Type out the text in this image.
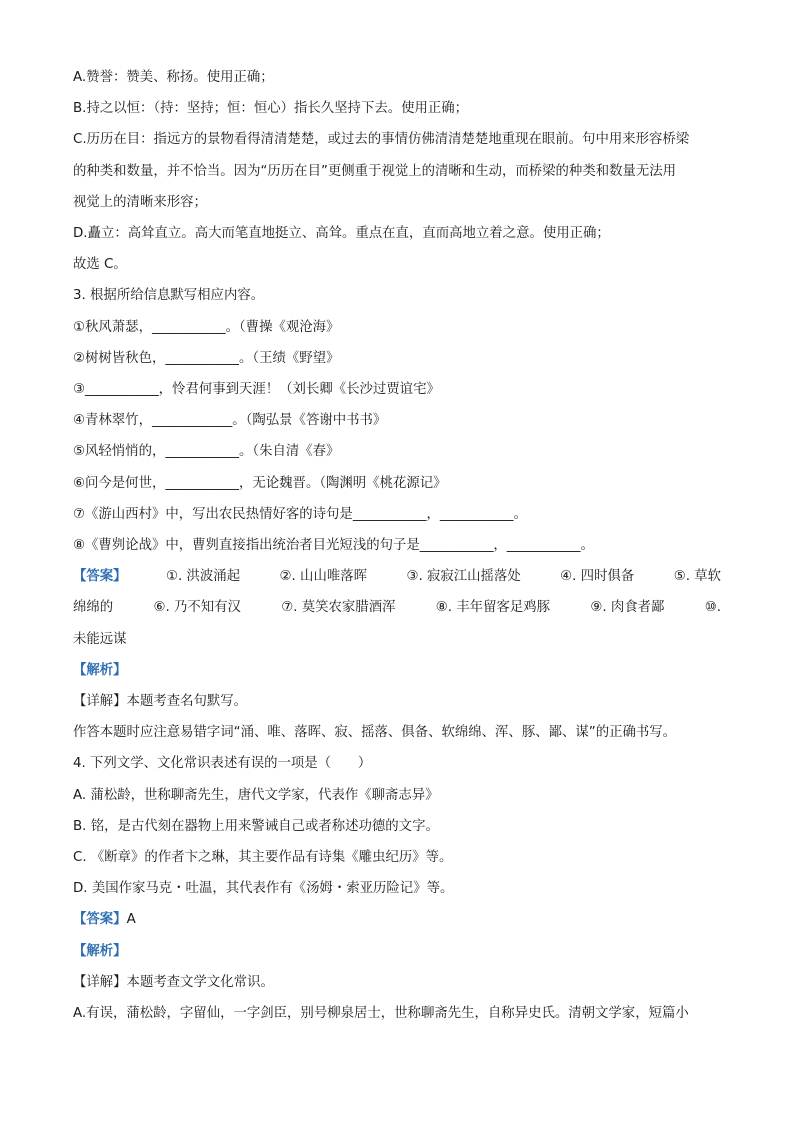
A.赞誉：赞美、称扬。使用正确；
B.持之以恒：（持：坚持；恒：恒心）指长久坚持下去。使用正确；
C.历历在目：指远方的景物看得清清楚楚，或过去的事情仿佛清清楚楚地重现在眼前。句中用来形容桥梁
的种类和数量，并不恰当。因为“历历在目”更侧重于视觉上的清晰和生动，而桥梁的种类和数量无法用
视觉上的清晰来形容；
D.矗立：高耸直立。高大而笔直地挺立、高耸。重点在直，直而高地立着之意。使用正确；
故选 C。
3. 根据所给信息默写相应内容。
①秋风萧瑟，___________。（曹操《观沧海》
②树树皆秋色，___________。（王绩《野望》
③___________，怜君何事到天涯！（刘长卿《长沙过贾谊宅》
④青林翠竹，____________。（陶弘景《答谢中书书》
⑤风轻悄悄的，___________。（朱自清《春》
⑥问今是何世，___________，无论魏晋。（陶渊明《桃花源记》
⑦《游山西村》中，写出农民热情好客的诗句是___________，___________。
⑧《曹刿论战》中，曹刿直接指出统治者目光短浅的句子是___________，___________。
【答案】	①. 洪波涌起	②. 山山唯落晖	③. 寂寂江山摇落处	④. 四时俱备	⑤. 草软
绵绵的	⑥. 乃不知有汉	⑦. 莫笑农家腊酒浑	⑧. 丰年留客足鸡豚	⑨. 肉食者鄙	⑩.
未能远谋
【解析】
【详解】本题考查名句默写。
作答本题时应注意易错字词“涌、唯、落晖、寂、摇落、俱备、软绵绵、浑、豚、鄙、谋”的正确书写。
4. 下列文学、文化常识表述有误的一项是（　　）
A. 蒲松龄，世称聊斋先生，唐代文学家，代表作《聊斋志异》
B. 铭，是古代刻在器物上用来警诫自己或者称述功德的文字。
C. 《断章》的作者卞之琳，其主要作品有诗集《雕虫纪历》等。
D. 美国作家马克・吐温，其代表作有《汤姆・索亚历险记》等。
【答案】A
【解析】
【详解】本题考查文学文化常识。
A.有误，蒲松龄，字留仙，一字剑臣，别号柳泉居士，世称聊斋先生，自称异史氏。清朝文学家，短篇小
